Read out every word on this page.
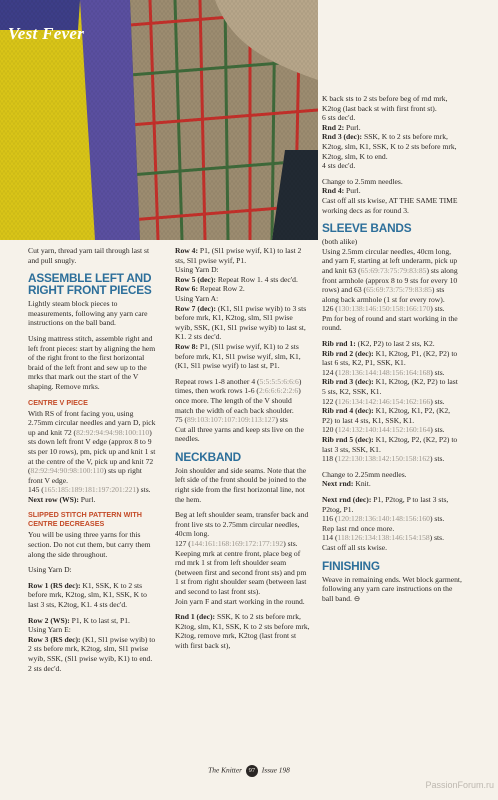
Vest Fever

Cut yarn, thread yarn tail through last st and pull snugly.

ASSEMBLE LEFT AND RIGHT FRONT PIECES

Lightly steam block pieces to measurements, following any yarn care instructions on the ball band.

Using mattress stitch, assemble right and left front pieces: start by aligning the hem of the right front to the first horizontal braid of the left front and sew up to the mrks that mark out the start of the V shaping. Remove mrks.

CENTRE V PIECE

With RS of front facing you, using 2.75mm circular needles and yarn D, pick up and knit 72 (82:92:94:94:98:100:110) sts down left front V edge (approx 8 to 9 sts per 10 rows), pm, pick up and knit 1 st at the centre of the V, pick up and knit 72 (82:92:94:90:98:100:110) sts up right front V edge.

145 (165:185:189:181:197:201:221) sts.

Next row (WS): Purl.

SLIPPED STITCH PATTERN WITH CENTRE DECREASES

You will be using three yarns for this section. Do not cut them, but carry them along the side throughout.

Using Yarn D:

Row 1 (RS dec): K1, SSK, K to 2 sts before mrk, K2tog, slm, K1, SSK, K to last 3 sts, K2tog, K1. 4 sts dec'd.

Row 2 (WS): P1, K to last st, P1.

Using Yarn E:

Row 3 (RS dec): (K1, Sl1 pwise wyib) to 2 sts before mrk, K2tog, slm, Sl1 pwise wyib, SSK, (Sl1 pwise wyib, K1) to end. 2 sts dec'd.

Row 4: P1, (Sl1 pwise wyif, K1) to last 2 sts, Sl1 pwise wyif, P1.

Using Yarn D:

Row 5 (dec): Repeat Row 1. 4 sts dec'd.

Row 6: Repeat Row 2.

Using Yarn A:

Row 7 (dec): (K1, Sl1 pwise wyib) to 3 sts before mrk, K1, K2tog, slm, Sl1 pwise wyib, SSK, (K1, Sl1 pwise wyib) to last st, K1. 2 sts dec'd.

Row 8: P1, (Sl1 pwise wyif, K1) to 2 sts before mrk, K1, Sl1 pwise wyif, slm, K1, (K1, Sl1 pwise wyif) to last st, P1.

Repeat rows 1-8 another 4 (5:5:5:5:6:6:6) times, then work rows 1-6 (2:6:6:6:2:2:6) once more. The length of the V should match the width of each back shoulder.

75 (89:103:107:107:109:113:127) sts

Cut all three yarns and keep sts live on the needles.

NECKBAND

Join shoulder and side seams. Note that the left side of the front should be joined to the right side from the first horizontal line, not the hem.

Beg at left shoulder seam, transfer back and front live sts to 2.75mm circular needles, 40cm long.
127 (144:161:168:169:172:177:192) sts.
Keeping mrk at centre front, place beg of rnd mrk 1 st from left shoulder seam (between first and second front sts) and pm 1 st from right shoulder seam (between last and second to last front sts).
Join yarn F and start working in the round.

Rnd 1 (dec): SSK, K to 2 sts before mrk, K2tog, slm, K1, SSK, K to 2 sts before mrk, K2tog, remove mrk, K2tog (last front st with first back st),

K back sts to 2 sts before beg of rnd mrk, K2tog (last back st with first front st).

6 sts dec'd.

Rnd 2: Purl.

Rnd 3 (dec): SSK, K to 2 sts before mrk, K2tog, slm, K1, SSK, K to 2 sts before mrk, K2tog, slm, K to end.

4 sts dec'd.

Change to 2.5mm needles.

Rnd 4: Purl.

Cast off all sts kwise, AT THE SAME TIME working decs as for round 3.

SLEEVE BANDS

(both alike)

Using 2.5mm circular needles, 40cm long, and yarn F, starting at left underarm, pick up and knit 63 (65:69:73:75:79:83:85) sts along front armhole (approx 8 to 9 sts for every 10 rows) and 63 (65:69:73:75:79:83:85) sts along back armhole (1 st for every row).

126 (130:138:146:150:158:166:170) sts.

Pm for beg of round and start working in the round.

Rib rnd 1: (K2, P2) to last 2 sts, K2.

Rib rnd 2 (dec): K1, K2tog, P1, (K2, P2) to last 6 sts, K2, P1, SSK, K1.
124 (128:136:144:148:156:164:168) sts.

Rib rnd 3 (dec): K1, K2tog, (K2, P2) to last 5 sts, K2, SSK, K1.
122 (126:134:142:146:154:162:166) sts.

Rib rnd 4 (dec): K1, K2tog, K1, P2, (K2, P2) to last 4 sts, K1, SSK, K1.
120 (124:132:140:144:152:160:164) sts.

Rib rnd 5 (dec): K1, K2tog, P2, (K2, P2) to last 3 sts, SSK, K1.
118 (122:130:138:142:150:158:162) sts.

Change to 2.25mm needles.

Next rnd: Knit.

Next rnd (dec): P1, P2tog, P to last 3 sts, P2tog, P1.

116 (120:128:136:140:148:156:160) sts.

Rep last rnd once more.

114 (118:126:134:138:146:154:158) sts.

Cast off all sts kwise.

FINISHING

Weave in remaining ends. Wet block garment, following any yarn care instructions on the ball band. ⊖

The Knitter 97 Issue 198
PassionForum.ru
